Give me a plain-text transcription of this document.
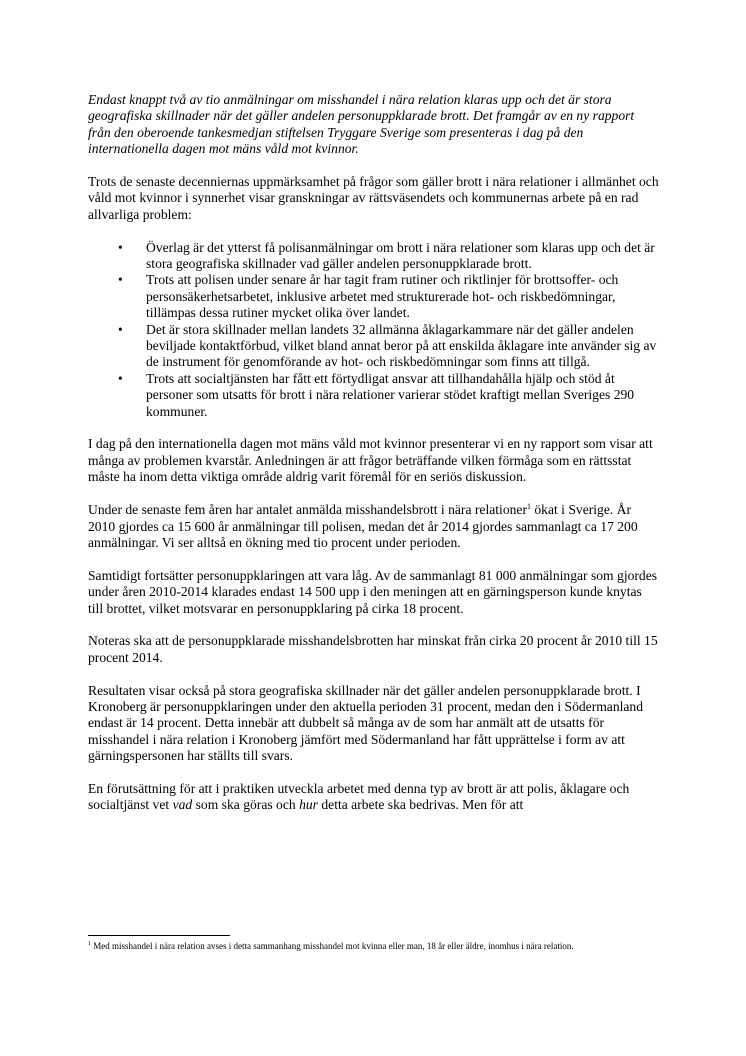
Endast knappt två av tio anmälningar om misshandel i nära relation klaras upp och det är stora geografiska skillnader när det gäller andelen personuppklarade brott. Det framgår av en ny rapport från den oberoende tankesmedjan stiftelsen Tryggare Sverige som presenteras i dag på den internationella dagen mot mäns våld mot kvinnor.

Trots de senaste decenniernas uppmärksamhet på frågor som gäller brott i nära relationer i allmänhet och våld mot kvinnor i synnerhet visar granskningar av rättsväsendets och kommunernas arbete på en rad allvarliga problem:

• Överlag är det ytterst få polisanmälningar om brott i nära relationer som klaras upp och det är stora geografiska skillnader vad gäller andelen personuppklarade brott.
• Trots att polisen under senare år har tagit fram rutiner och riktlinjer för brottsoffer- och personsäkerhetsarbetet, inklusive arbetet med strukturerade hot- och riskbedömningar, tillämpas dessa rutiner mycket olika över landet.
• Det är stora skillnader mellan landets 32 allmänna åklagarkammare när det gäller andelen beviljade kontaktförbud, vilket bland annat beror på att enskilda åklagare inte använder sig av de instrument för genomförande av hot- och riskbedömningar som finns att tillgå.
• Trots att socialtjänsten har fått ett förtydligat ansvar att tillhandahålla hjälp och stöd åt personer som utsatts för brott i nära relationer varierar stödet kraftigt mellan Sveriges 290 kommuner.

I dag på den internationella dagen mot mäns våld mot kvinnor presenterar vi en ny rapport som visar att många av problemen kvarstår. Anledningen är att frågor beträffande vilken förmåga som en rättsstat måste ha inom detta viktiga område aldrig varit föremål för en seriös diskussion.

Under de senaste fem åren har antalet anmälda misshandelsbrott i nära relationer$^1$ ökat i Sverige. År 2010 gjordes ca 15 600 år anmälningar till polisen, medan det år 2014 gjordes sammanlagt ca 17 200 anmälningar. Vi ser alltså en ökning med tio procent under perioden.

Samtidigt fortsätter personuppklaringen att vara låg. Av de sammanlagt 81 000 anmälningar som gjordes under åren 2010-2014 klarades endast 14 500 upp i den meningen att en gärningsperson kunde knytas till brottet, vilket motsvarar en personuppklaring på cirka 18 procent.

Noteras ska att de personuppklarade misshandelsbrotten har minskat från cirka 20 procent år 2010 till 15 procent 2014.

Resultaten visar också på stora geografiska skillnader när det gäller andelen personuppklarade brott. I Kronoberg är personuppklaringen under den aktuella perioden 31 procent, medan den i Södermanland endast är 14 procent. Detta innebär att dubbelt så många av de som har anmält att de utsatts för misshandel i nära relation i Kronoberg jämfört med Södermanland har fått upprättelse i form av att gärningspersonen har ställts till svars.

En förutsättning för att i praktiken utveckla arbetet med denna typ av brott är att polis, åklagare och socialtjänst vet vad som ska göras och hur detta arbete ska bedrivas. Men för att

$^1$ Med misshandel i nära relation avses i detta sammanhang misshandel mot kvinna eller man, 18 år eller äldre, inomhus i nära relation.
